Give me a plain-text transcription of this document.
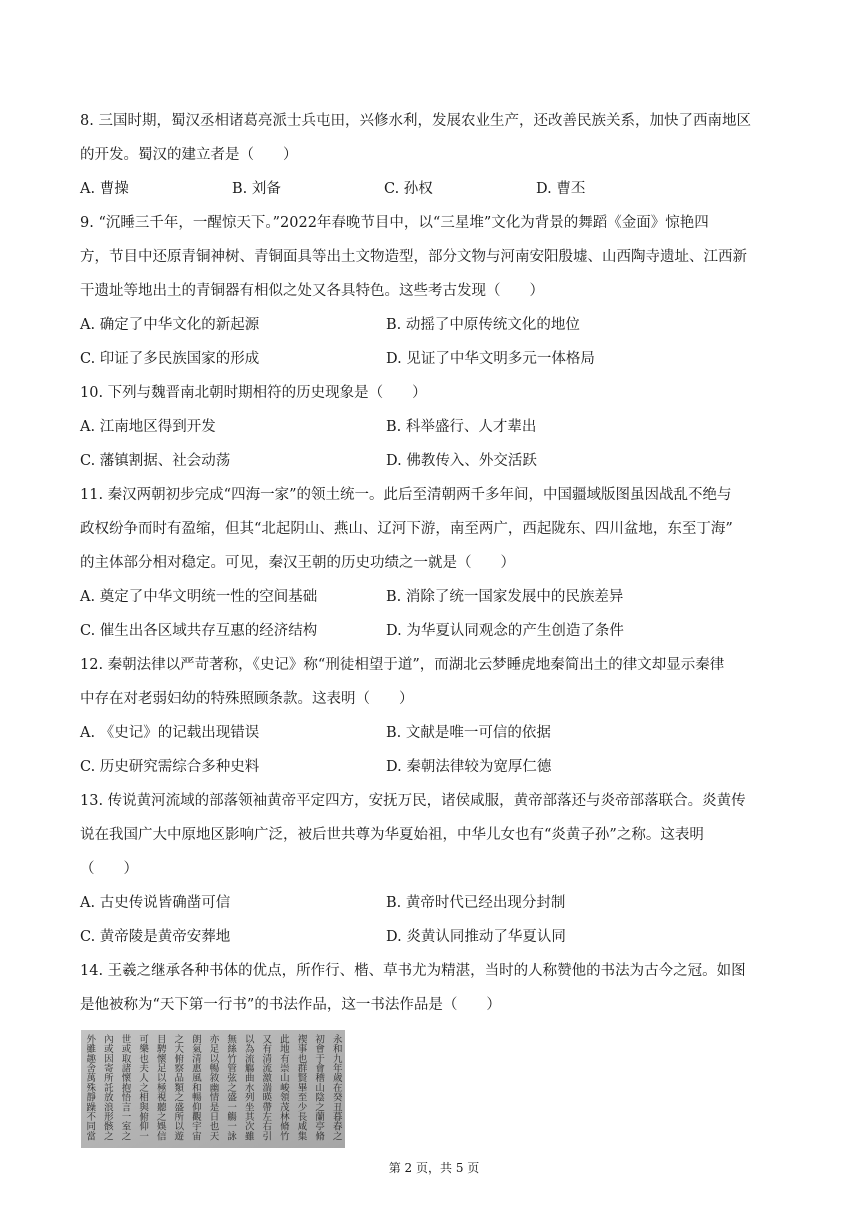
8. 三国时期，蜀汉丞相诸葛亮派士兵屯田，兴修水利，发展农业生产，还改善民族关系，加快了西南地区

的开发。蜀汉的建立者是（　　）

A. 曹操	B. 刘备	C. 孙权	D. 曹丕

9. “沉睡三千年，一醒惊天下。”2022年春晚节目中，以“三星堆”文化为背景的舞蹈《金面》惊艳四

方，节目中还原青铜神树、青铜面具等出土文物造型，部分文物与河南安阳殷墟、山西陶寺遗址、江西新

干遗址等地出土的青铜器有相似之处又各具特色。这些考古发现（　　）

A. 确定了中华文化的新起源	B. 动摇了中原传统文化的地位
C. 印证了多民族国家的形成	D. 见证了中华文明多元一体格局

10. 下列与魏晋南北朝时期相符的历史现象是（　　）

A. 江南地区得到开发	B. 科举盛行、人才辈出
C. 藩镇割据、社会动荡	D. 佛教传入、外交活跃

11. 秦汉两朝初步完成“四海一家”的领土统一。此后至清朝两千多年间，中国疆域版图虽因战乱不绝与

政权纷争而时有盈缩，但其“北起阴山、燕山、辽河下游，南至两广，西起陇东、四川盆地，东至丁海”

的主体部分相对稳定。可见，秦汉王朝的历史功绩之一就是（　　）

A. 奠定了中华文明统一性的空间基础	B. 消除了统一国家发展中的民族差异
C. 催生出各区域共存互惠的经济结构	D. 为华夏认同观念的产生创造了条件

12. 秦朝法律以严苛著称，《史记》称“刑徒相望于道”，而湖北云梦睡虎地秦简出土的律文却显示秦律

中存在对老弱妇幼的特殊照顾条款。这表明（　　）

A. 《史记》的记载出现错误	B. 文献是唯一可信的依据
C. 历史研究需综合多种史料	D. 秦朝法律较为宽厚仁德

13. 传说黄河流域的部落领袖黄帝平定四方，安抚万民，诸侯咸服，黄帝部落还与炎帝部落联合。炎黄传

说在我国广大中原地区影响广泛，被后世共尊为华夏始祖，中华儿女也有“炎黄子孙”之称。这表明

（　　）

A. 古史传说皆确凿可信	B. 黄帝时代已经出现分封制
C. 黄帝陵是黄帝安葬地	D. 炎黄认同推动了华夏认同

14. 王羲之继承各种书体的优点，所作行、楷、草书尤为精湛，当时的人称赞他的书法为古今之冠。如图

是他被称为“天下第一行书”的书法作品，这一书法作品是（　　）

永和九年歲在癸丑暮春之
初會于會稽山陰之蘭亭脩
禊事也群賢畢至少長咸集
此地有崇山峻領茂林脩竹
又有清流激湍暎帶左右引
以為流觴曲水列坐其次雖
無絲竹管弦之盛一觴一詠
亦足以暢敘幽情是日也天
朗氣清惠風和暢仰觀宇宙
之大俯察品類之盛所以遊
目騁懷足以極視聽之娛信
可樂也夫人之相與俯仰一
世或取諸懷抱悟言一室之
內或因寄所託放浪形骸之
外雖趣舍萬殊靜躁不同當
第 2 页，共 5 页
